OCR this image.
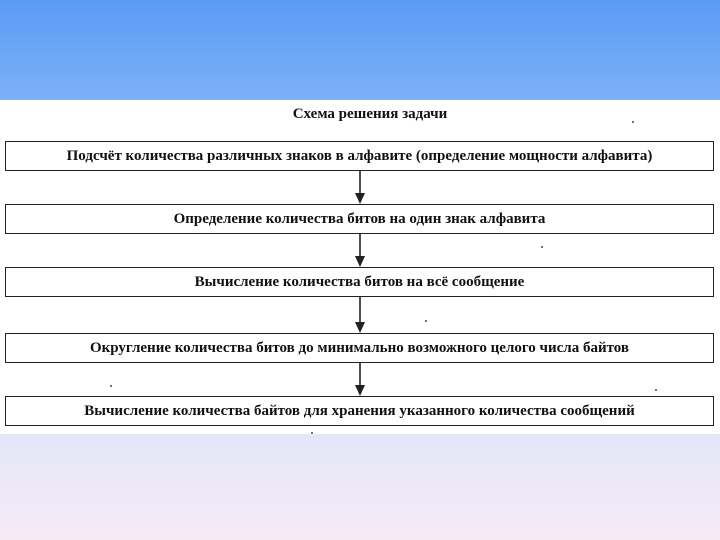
Схема решения задачи
Подсчёт количества различных знаков в алфавите (определение мощности алфавита)
Определение количества битов на один знак алфавита
Вычисление количества битов на всё сообщение
Округление количества битов до минимально возможного целого числа байтов
Вычисление количества байтов для хранения указанного количества сообщений
